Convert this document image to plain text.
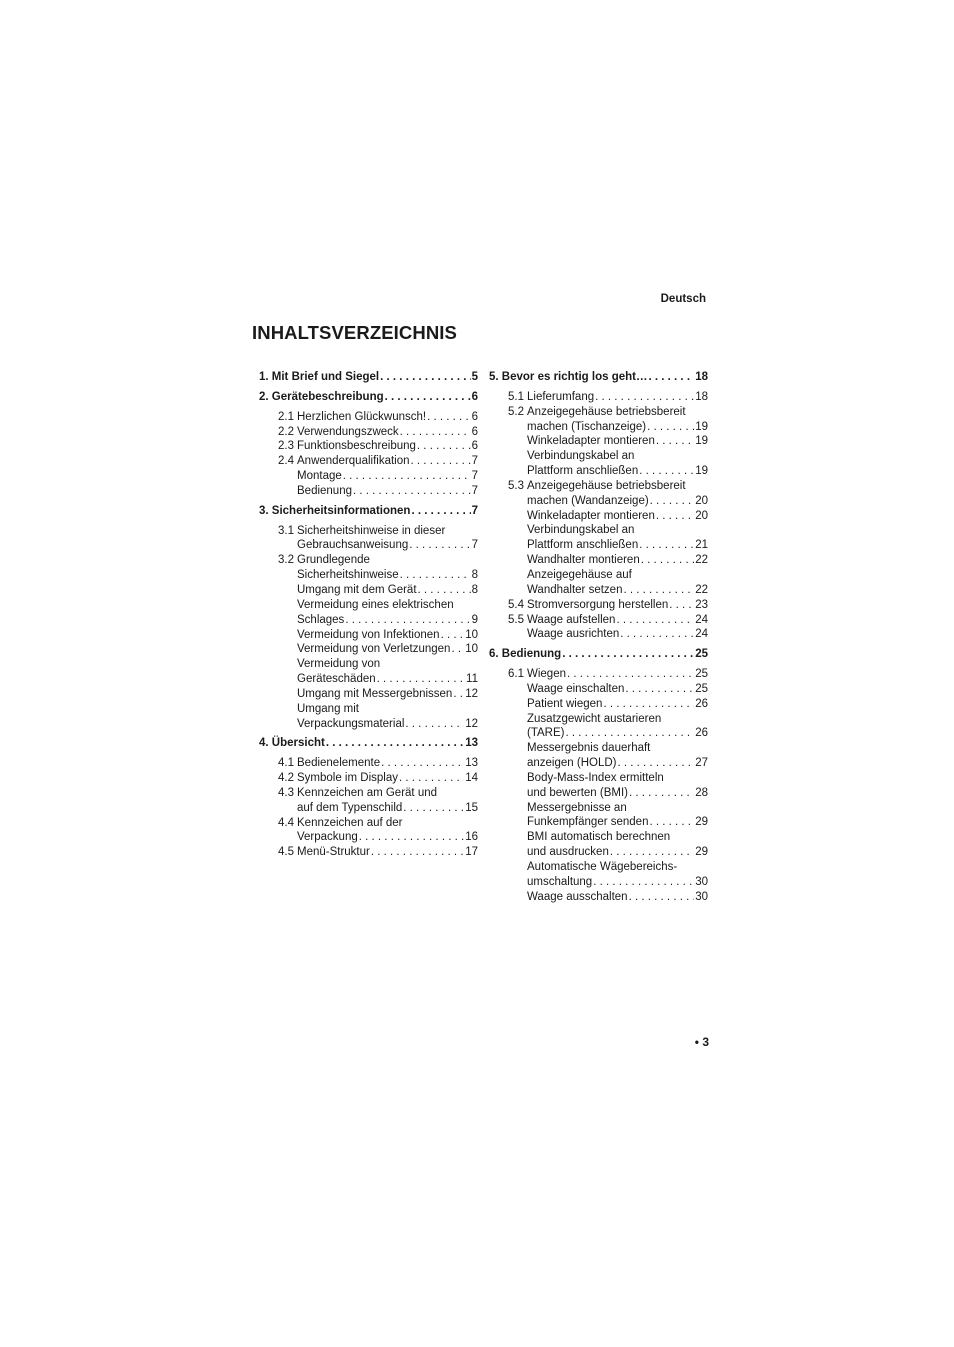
Deutsch
INHALTSVERZEICHNIS
1. Mit Brief und Siegel . . .	5
2. Gerätebeschreibung . . .	6
2.1 Herzlichen Glückwunsch! . . .	6
2.2 Verwendungszweck . . .	6
2.3 Funktionsbeschreibung . . .	6
2.4 Anwenderqualifikation . . .	7
Montage . . .	7
Bedienung . . .	7
3. Sicherheitsinformationen . . .	7
3.1 Sicherheitshinweise in dieser
Gebrauchsanweisung . . .	7
3.2 Grundlegende
Sicherheitshinweise . . .	8
Umgang mit dem Gerät . . .	8
Vermeidung eines elektrischen
Schlages . . .	9
Vermeidung von Infektionen . . . 10
Vermeidung von Verletzungen . . . 10
Vermeidung von
Geräteschäden . . .	11
Umgang mit Messergebnissen . . . 12
Umgang mit
Verpackungsmaterial . . .	12
4. Übersicht . . .	13
4.1 Bedienelemente . . .	13
4.2 Symbole im Display . . .	14
4.3 Kennzeichen am Gerät und
auf dem Typenschild . . .	15
4.4 Kennzeichen auf der
Verpackung . . .	16
4.5 Menü-Struktur . . .	17
5. Bevor es richtig los geht… . . .	18
5.1 Lieferumfang . . .	18
5.2 Anzeigegehäuse betriebsbereit
machen (Tischanzeige) . . .	19
Winkeladapter montieren . . .	19
Verbindungskabel an
Plattform anschließen . . .	19
5.3 Anzeigegehäuse betriebsbereit
machen (Wandanzeige) . . .	20
Winkeladapter montieren . . .	20
Verbindungskabel an
Plattform anschließen . . .	21
Wandhalter montieren . . .	22
Anzeigegehäuse auf
Wandhalter setzen . . .	22
5.4 Stromversorgung herstellen . . . 23
5.5 Waage aufstellen . . .	24
Waage ausrichten . . .	24
6. Bedienung . . .	25
6.1 Wiegen . . .	25
Waage einschalten . . .	25
Patient wiegen . . .	26
Zusatzgewicht austarieren
(TARE) . . .	26
Messergebnis dauerhaft
anzeigen (HOLD) . . .	27
Body-Mass-Index ermitteln
und bewerten (BMI) . . .	28
Messergebnisse an
Funkempfänger senden . . .	29
BMI automatisch berechnen
und ausdrucken . . .	29
Automatische Wägebereichs-
umschaltung . . .	30
Waage ausschalten . . .	30
• 3
